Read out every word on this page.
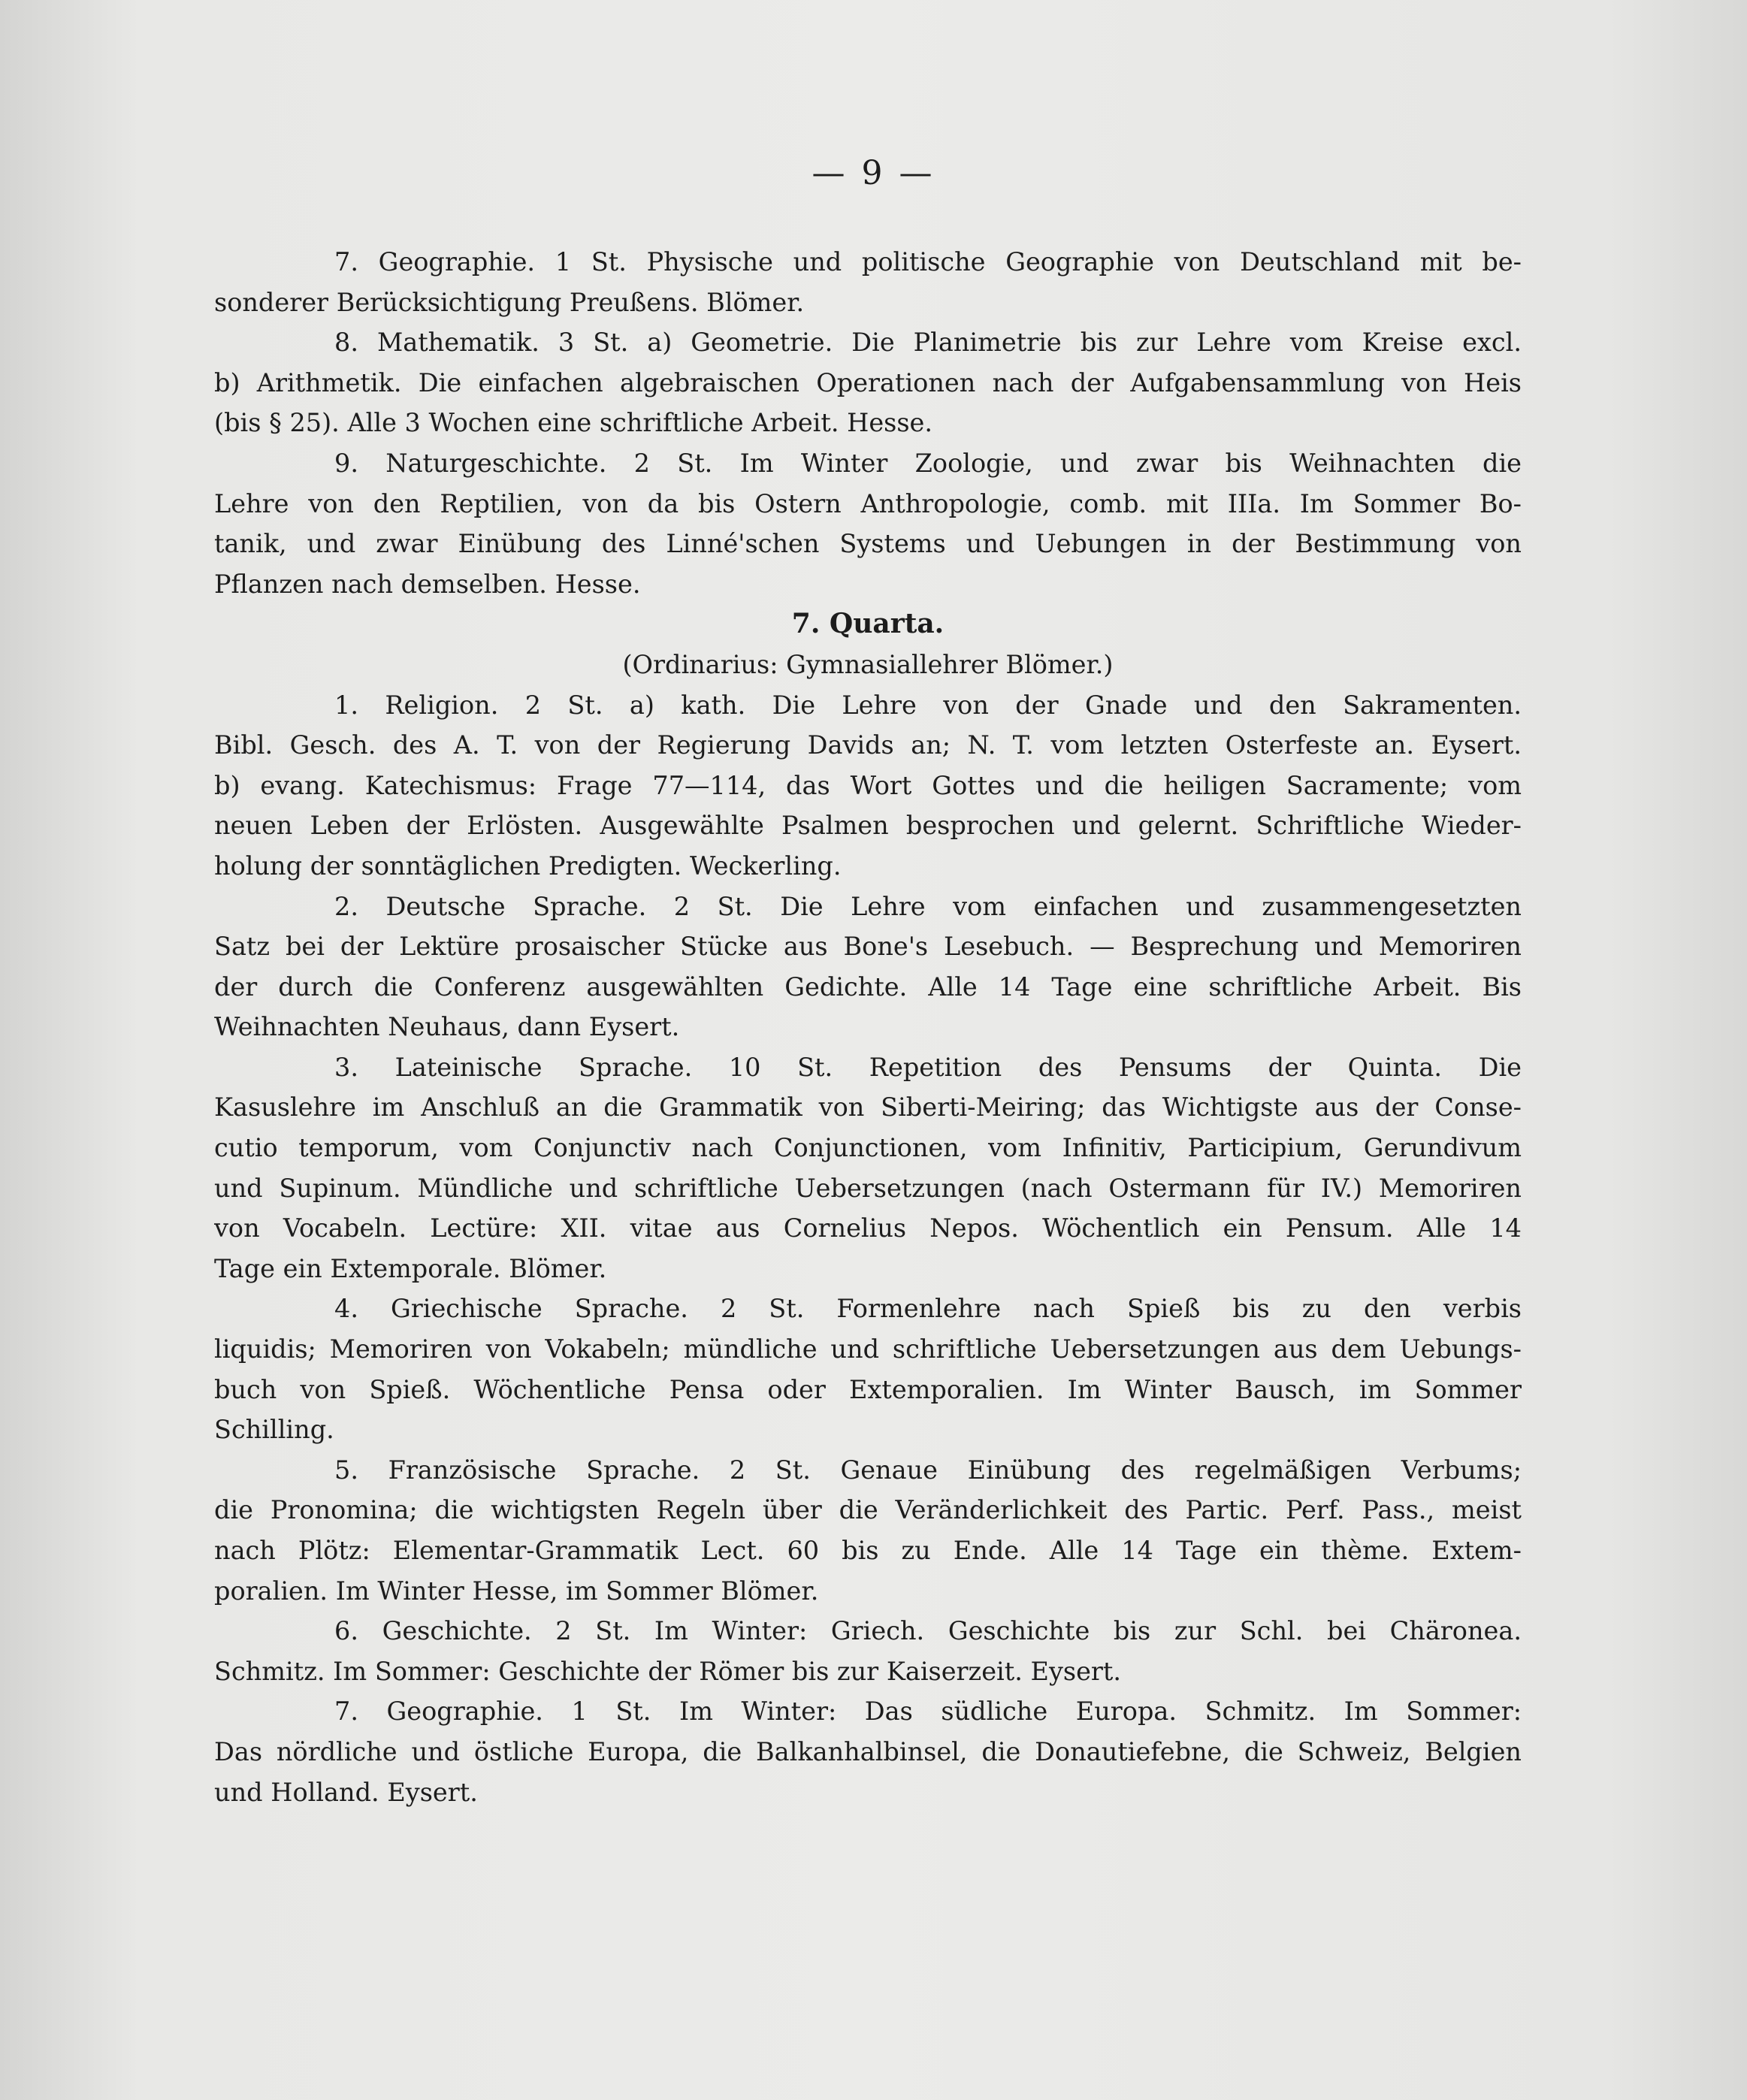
— 9 —
7. Geographie. 1 St. Physische und politische Geographie von Deutschland mit be-
sonderer Berücksichtigung Preußens. Blömer.
8. Mathematik. 3 St. a) Geometrie. Die Planimetrie bis zur Lehre vom Kreise excl.
b) Arithmetik. Die einfachen algebraischen Operationen nach der Aufgabensammlung von Heis
(bis § 25). Alle 3 Wochen eine schriftliche Arbeit. Hesse.
9. Naturgeschichte. 2 St. Im Winter Zoologie, und zwar bis Weihnachten die
Lehre von den Reptilien, von da bis Ostern Anthropologie, comb. mit IIIa. Im Sommer Bo-
tanik, und zwar Einübung des Linné'schen Systems und Uebungen in der Bestimmung von
Pflanzen nach demselben. Hesse.
7. Quarta.
(Ordinarius: Gymnasiallehrer Blömer.)
1. Religion. 2 St. a) kath. Die Lehre von der Gnade und den Sakramenten.
Bibl. Gesch. des A. T. von der Regierung Davids an; N. T. vom letzten Osterfeste an. Eysert.
b) evang. Katechismus: Frage 77—114, das Wort Gottes und die heiligen Sacramente; vom
neuen Leben der Erlösten. Ausgewählte Psalmen besprochen und gelernt. Schriftliche Wieder-
holung der sonntäglichen Predigten. Weckerling.
2. Deutsche Sprache. 2 St. Die Lehre vom einfachen und zusammengesetzten
Satz bei der Lektüre prosaischer Stücke aus Bone's Lesebuch. — Besprechung und Memoriren
der durch die Conferenz ausgewählten Gedichte. Alle 14 Tage eine schriftliche Arbeit. Bis
Weihnachten Neuhaus, dann Eysert.
3. Lateinische Sprache. 10 St. Repetition des Pensums der Quinta. Die
Kasuslehre im Anschluß an die Grammatik von Siberti-Meiring; das Wichtigste aus der Conse-
cutio temporum, vom Conjunctiv nach Conjunctionen, vom Infinitiv, Participium, Gerundivum
und Supinum. Mündliche und schriftliche Uebersetzungen (nach Ostermann für IV.) Memoriren
von Vocabeln. Lectüre: XII. vitae aus Cornelius Nepos. Wöchentlich ein Pensum. Alle 14
Tage ein Extemporale. Blömer.
4. Griechische Sprache. 2 St. Formenlehre nach Spieß bis zu den verbis
liquidis; Memoriren von Vokabeln; mündliche und schriftliche Uebersetzungen aus dem Uebungs-
buch von Spieß. Wöchentliche Pensa oder Extemporalien. Im Winter Bausch, im Sommer
Schilling.
5. Französische Sprache. 2 St. Genaue Einübung des regelmäßigen Verbums;
die Pronomina; die wichtigsten Regeln über die Veränderlichkeit des Partic. Perf. Pass., meist
nach Plötz: Elementar-Grammatik Lect. 60 bis zu Ende. Alle 14 Tage ein thème. Extem-
poralien. Im Winter Hesse, im Sommer Blömer.
6. Geschichte. 2 St. Im Winter: Griech. Geschichte bis zur Schl. bei Chäronea.
Schmitz. Im Sommer: Geschichte der Römer bis zur Kaiserzeit. Eysert.
7. Geographie. 1 St. Im Winter: Das südliche Europa. Schmitz. Im Sommer:
Das nördliche und östliche Europa, die Balkanhalbinsel, die Donautiefebne, die Schweiz, Belgien
und Holland. Eysert.
